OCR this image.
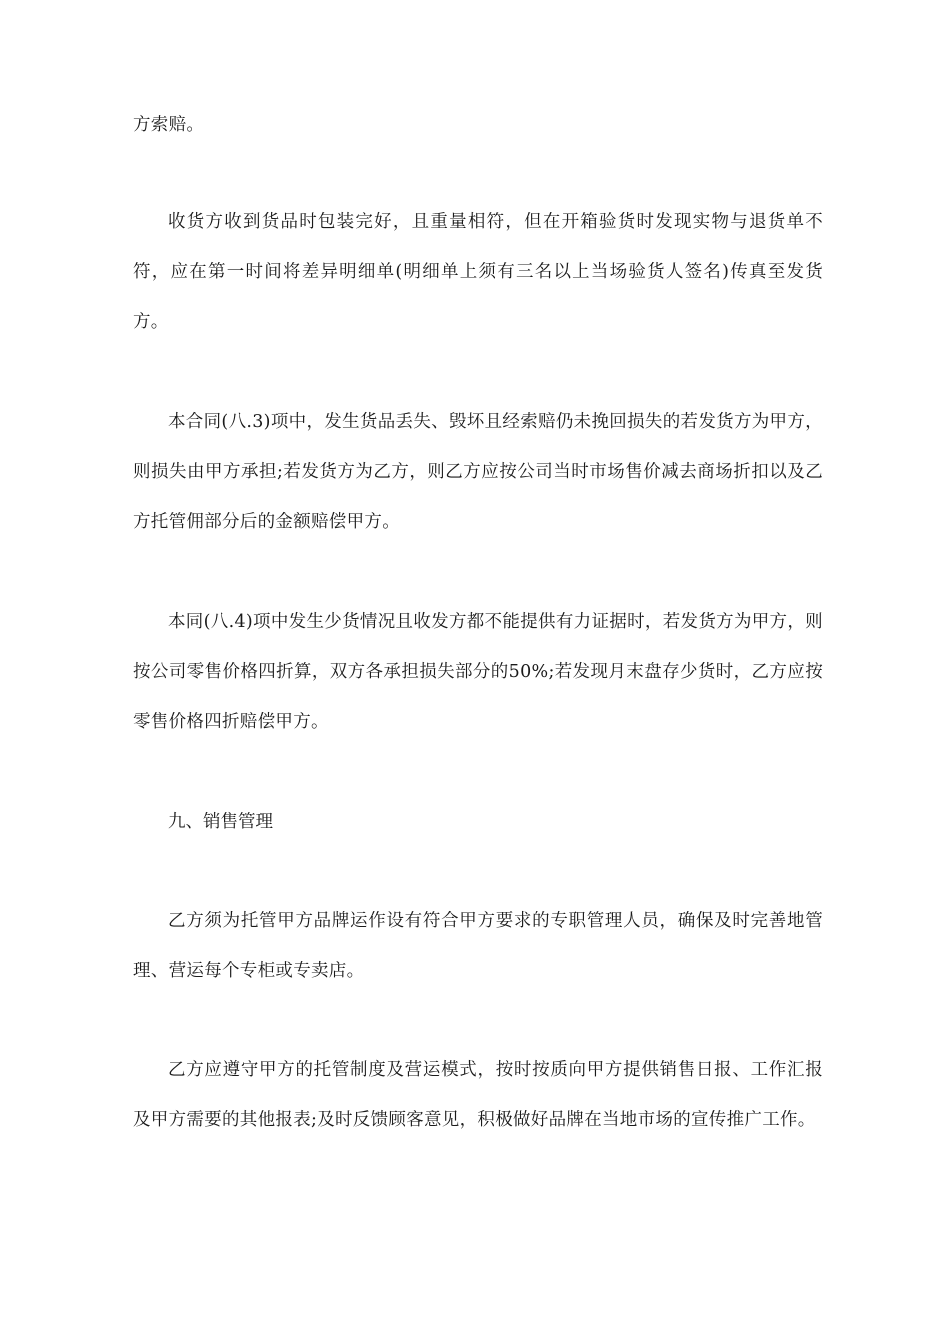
方索赔。

收货方收到货品时包装完好，且重量相符，但在开箱验货时发现实物与退货单不符，应在第一时间将差异明细单(明细单上须有三名以上当场验货人签名)传真至发货方。

本合同(八.3)项中，发生货品丢失、毁坏且经索赔仍未挽回损失的若发货方为甲方，则损失由甲方承担;若发货方为乙方，则乙方应按公司当时市场售价减去商场折扣以及乙方托管佣部分后的金额赔偿甲方。

本同(八.4)项中发生少货情况且收发方都不能提供有力证据时，若发货方为甲方，则按公司零售价格四折算，双方各承担损失部分的50%;若发现月末盘存少货时，乙方应按零售价格四折赔偿甲方。

九、销售管理

乙方须为托管甲方品牌运作设有符合甲方要求的专职管理人员，确保及时完善地管理、营运每个专柜或专卖店。

乙方应遵守甲方的托管制度及营运模式，按时按质向甲方提供销售日报、工作汇报及甲方需要的其他报表;及时反馈顾客意见，积极做好品牌在当地市场的宣传推广工作。
